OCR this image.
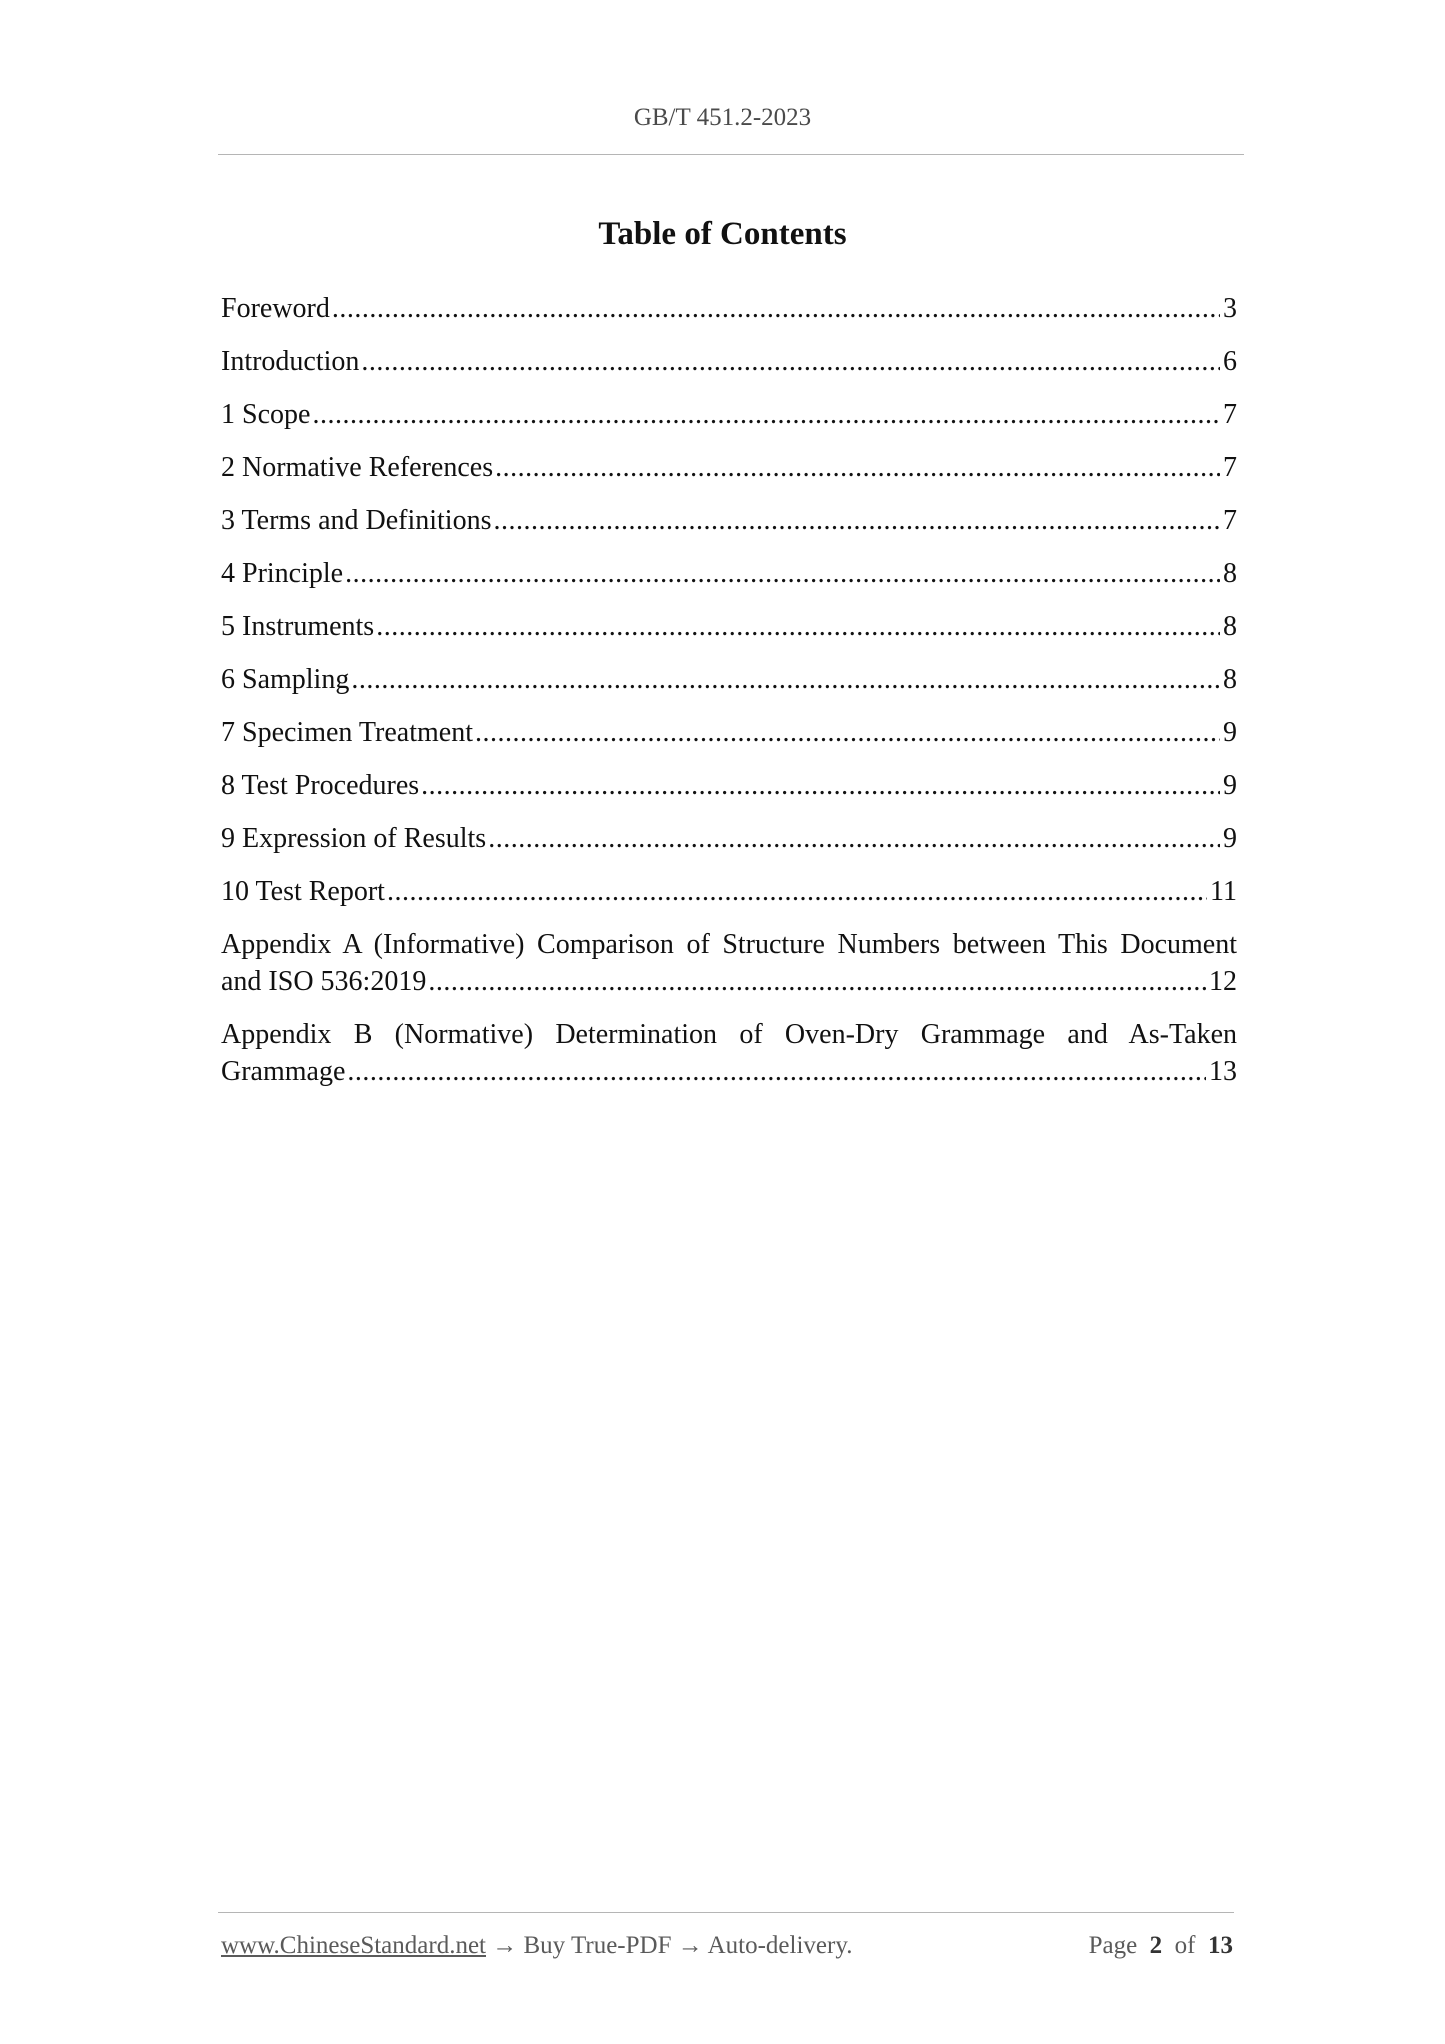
GB/T 451.2-2023
Table of Contents
Foreword .....	3
Introduction .....	6
1 Scope .....	7
2 Normative References .....	7
3 Terms and Definitions .....	7
4 Principle .....	8
5 Instruments .....	8
6 Sampling .....	8
7 Specimen Treatment .....	9
8 Test Procedures .....	9
9 Expression of Results .....	9
10 Test Report .....	11
Appendix A (Informative) Comparison of Structure Numbers between This Document
and ISO 536:2019 .....	12
Appendix B (Normative) Determination of Oven-Dry Grammage and As-Taken
Grammage .....	13
www.ChineseStandard.net → Buy True-PDF → Auto-delivery.	Page 2 of 13
